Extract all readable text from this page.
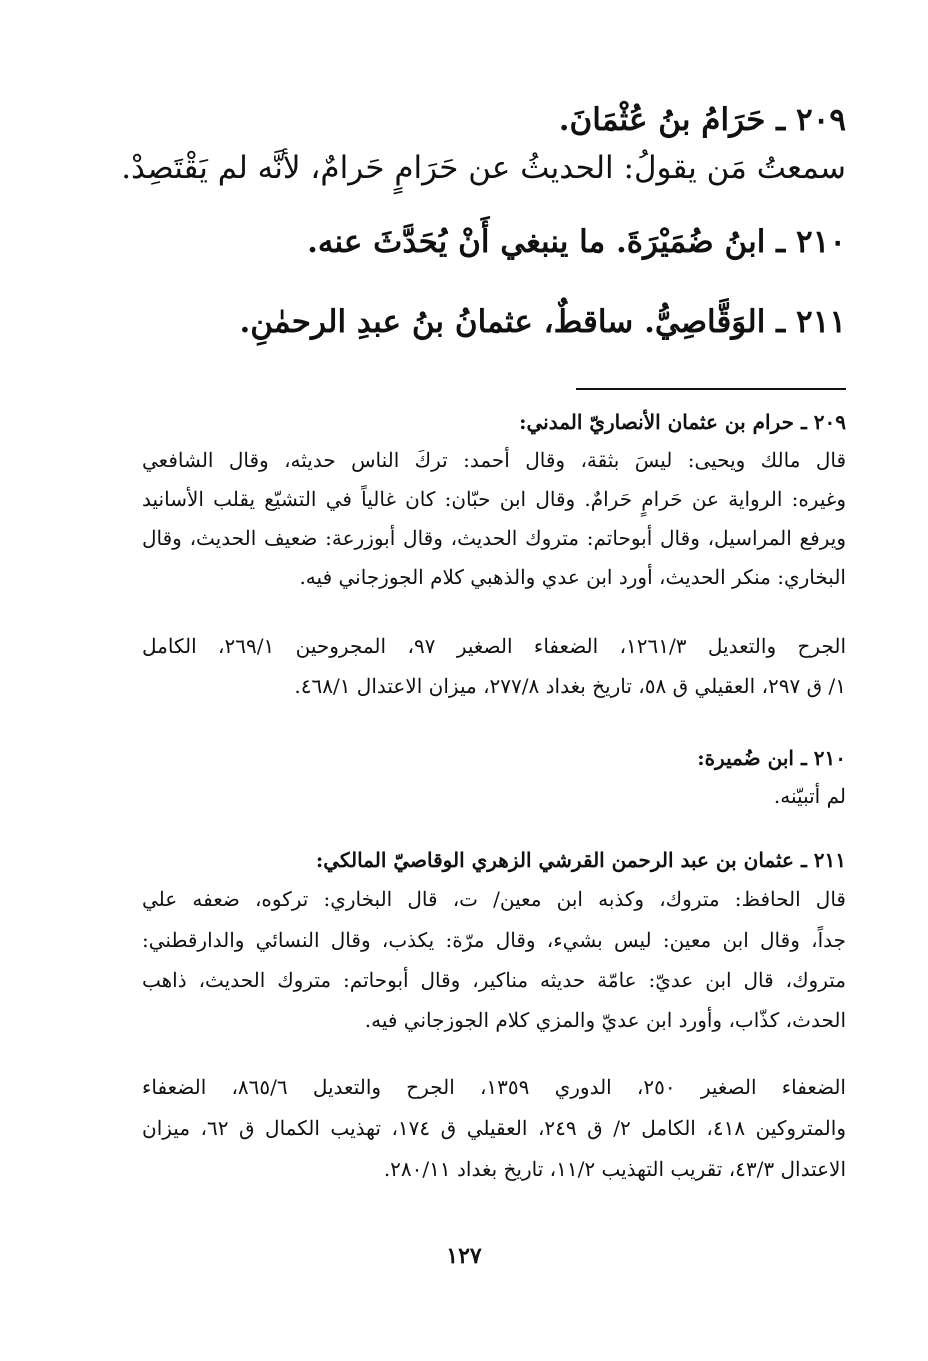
٢٠٩ ـ حَرَامُ بنُ عُثْمَانَ.
سمعتُ مَن يقولُ: الحديثُ عن حَرَامٍ حَرامٌ، لأنَّه لم يَقْتَصِدْ.
٢١٠ ـ ابنُ ضُمَيْرَةَ. ما ينبغي أَنْ يُحَدَّثَ عنه.
٢١١ ـ الوَقَّاصِيُّ. ساقطٌ، عثمانُ بنُ عبدِ الرحمٰنِ.
٢٠٩ ـ حرام بن عثمان الأنصاريّ المدني:
قال مالك ويحيى: ليسَ بثقة، وقال أحمد: تركَ الناس حديثه، وقال الشافعي
وغيره: الرواية عن حَرامٍ حَرامٌ. وقال ابن حبّان: كان غالياً في التشيّع يقلب الأسانيد
ويرفع المراسيل، وقال أبوحاتم: متروك الحديث، وقال أبوزرعة: ضعيف الحديث، وقال
البخاري: منكر الحديث، أورد ابن عدي والذهبي كلام الجوزجاني فيه.
الجرح والتعديل ١٢٦١/٣، الضعفاء الصغير ٩٧، المجروحين ٢٦٩/١، الكامل
١/ ق ٢٩٧، العقيلي ق ٥٨، تاريخ بغداد ٢٧٧/٨، ميزان الاعتدال ٤٦٨/١.
٢١٠ ـ ابن ضُميرة:
لم أتبيّنه.
٢١١ ـ عثمان بن عبد الرحمن القرشي الزهري الوقاصيّ المالكي:
قال الحافظ: متروك، وكذبه ابن معين/ ت، قال البخاري: تركوه، ضعفه علي
جداً، وقال ابن معين: ليس بشيء، وقال مرّة: يكذب، وقال النسائي والدارقطني:
متروك، قال ابن عديّ: عامّة حديثه مناكير، وقال أبوحاتم: متروك الحديث، ذاهب
الحدث، كذّاب، وأورد ابن عديّ والمزي كلام الجوزجاني فيه.
الضعفاء الصغير ٢٥٠، الدوري ١٣٥٩، الجرح والتعديل ٨٦٥/٦، الضعفاء
والمتروكين ٤١٨، الكامل ٢/ ق ٢٤٩، العقيلي ق ١٧٤، تهذيب الكمال ق ٦٢، ميزان
الاعتدال ٤٣/٣، تقريب التهذيب ١١/٢، تاريخ بغداد ٢٨٠/١١.
١٢٧
